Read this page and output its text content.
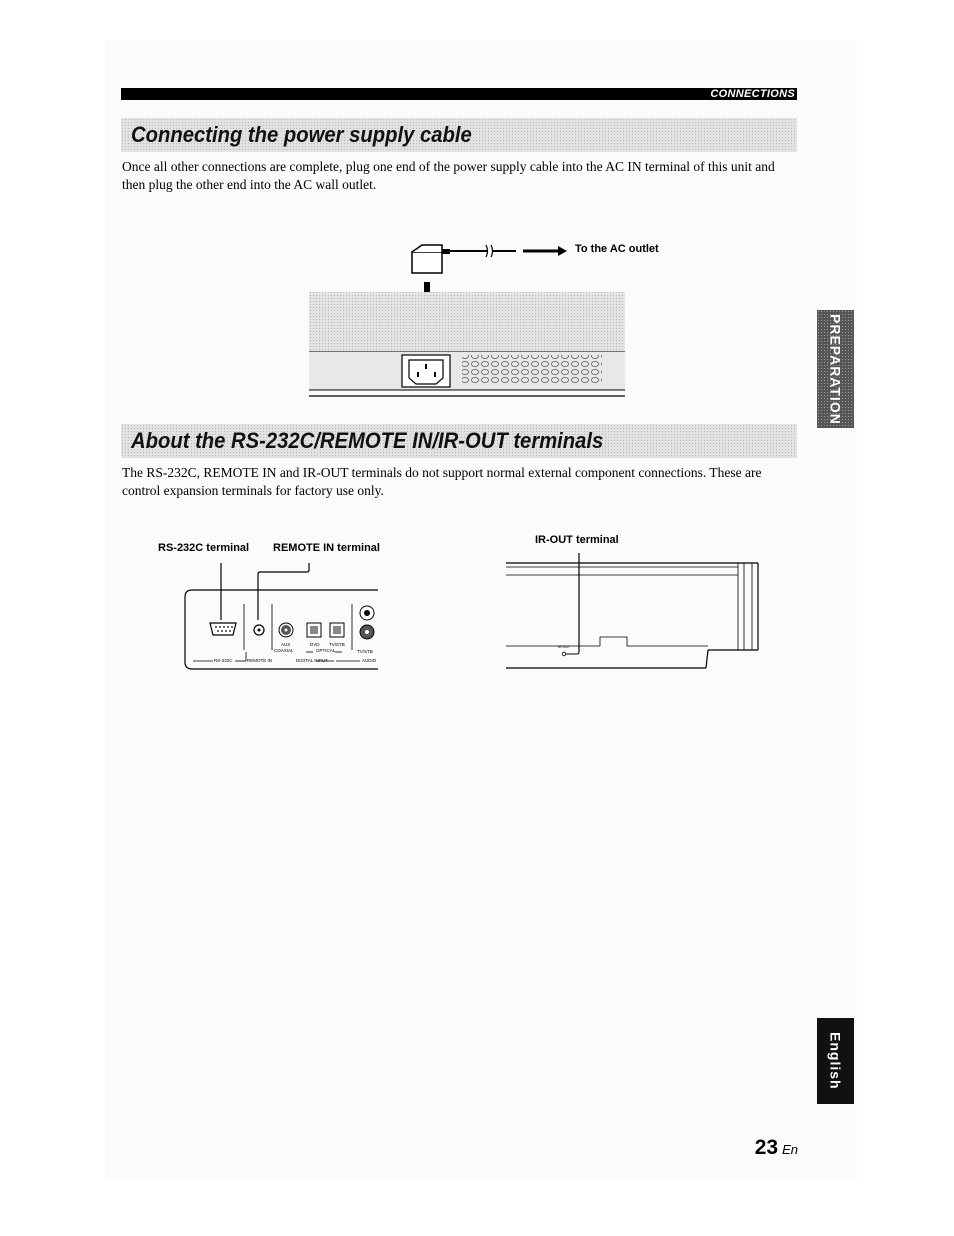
CONNECTIONS
Connecting the power supply cable

Once all other connections are complete, plug one end of the power supply cable into the AC IN terminal of this unit and then plug the other end into the AC wall outlet.

To the AC outlet
About the RS-232C/REMOTE IN/IR-OUT terminals

The RS-232C, REMOTE IN and IR-OUT terminals do not support normal external component connections. These are control expansion terminals for factory use only.

RS-232C terminal REMOTE IN terminal
IR-OUT terminal
AUX
COAXIAL
DVD TV/STB
OPTICAL	TV/STB
RS-232C	REMOTE IN	DIGITAL INPUT	AUDIO
IR-OUT
PREPARATION
English
23 En
